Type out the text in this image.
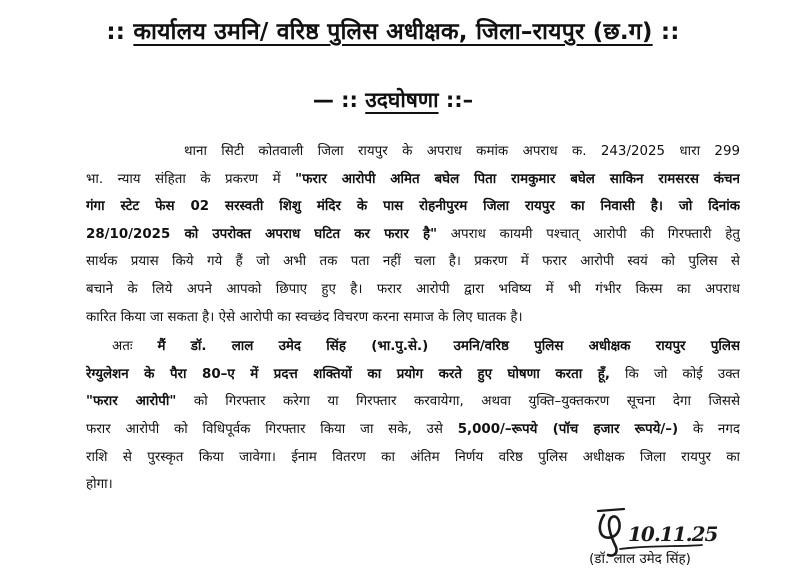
:: कार्यालय उमनि/ वरिष्ठ पुलिस अधीक्षक, जिला–रायपुर (छ.ग) ::
— :: उदघोषणा ::–
थाना सिटी कोतवाली जिला रायपुर के अपराध कमांक अपराध क. 243/2025 धारा 299
भा. न्याय संहिता के प्रकरण में "फरार आरोपी अमित बघेल पिता रामकुमार बघेल साकिन रामसरस कंचन
गंगा स्टेट फेस 02 सरस्वती शिशु मंदिर के पास रोहनीपुरम जिला रायपुर का निवासी है। जो दिनांक
28/10/2025 को उपरोक्त अपराध घटित कर फरार है" अपराध कायमी पश्चात् आरोपी की गिरफ्तारी हेतु
सार्थक प्रयास किये गये हैं जो अभी तक पता नहीं चला है। प्रकरण में फरार आरोपी स्वयं को पुलिस से
बचाने के लिये अपने आपको छिपाए हुए है। फरार आरोपी द्वारा भविष्य में भी गंभीर किस्म का अपराध
कारित किया जा सकता है। ऐसे आरोपी का स्वच्छंद विचरण करना समाज के लिए घातक है।
अतः मैं डॉ. लाल उमेद सिंह (भा.पु.से.) उमनि/वरिष्ठ पुलिस अधीक्षक रायपुर पुलिस
रेग्युलेशन के पैरा 80–ए में प्रदत्त शक्तियों का प्रयोग करते हुए घोषणा करता हूँ, कि जो कोई उक्त
"फरार आरोपी" को गिरफ्तार करेगा या गिरफ्तार करवायेगा, अथवा युक्ति–युक्तकरण सूचना देगा जिससे
फरार आरोपी को विधिपूर्वक गिरफ्तार किया जा सके, उसे 5,000/–रूपये (पॉच हजार रूपये/–) के नगद
राशि से पुरस्कृत किया जावेगा। ईनाम वितरण का अंतिम निर्णय वरिष्ठ पुलिस अधीक्षक जिला रायपुर का
होगा।
10.11.25
(डॉ. लाल उमेद सिंह)
